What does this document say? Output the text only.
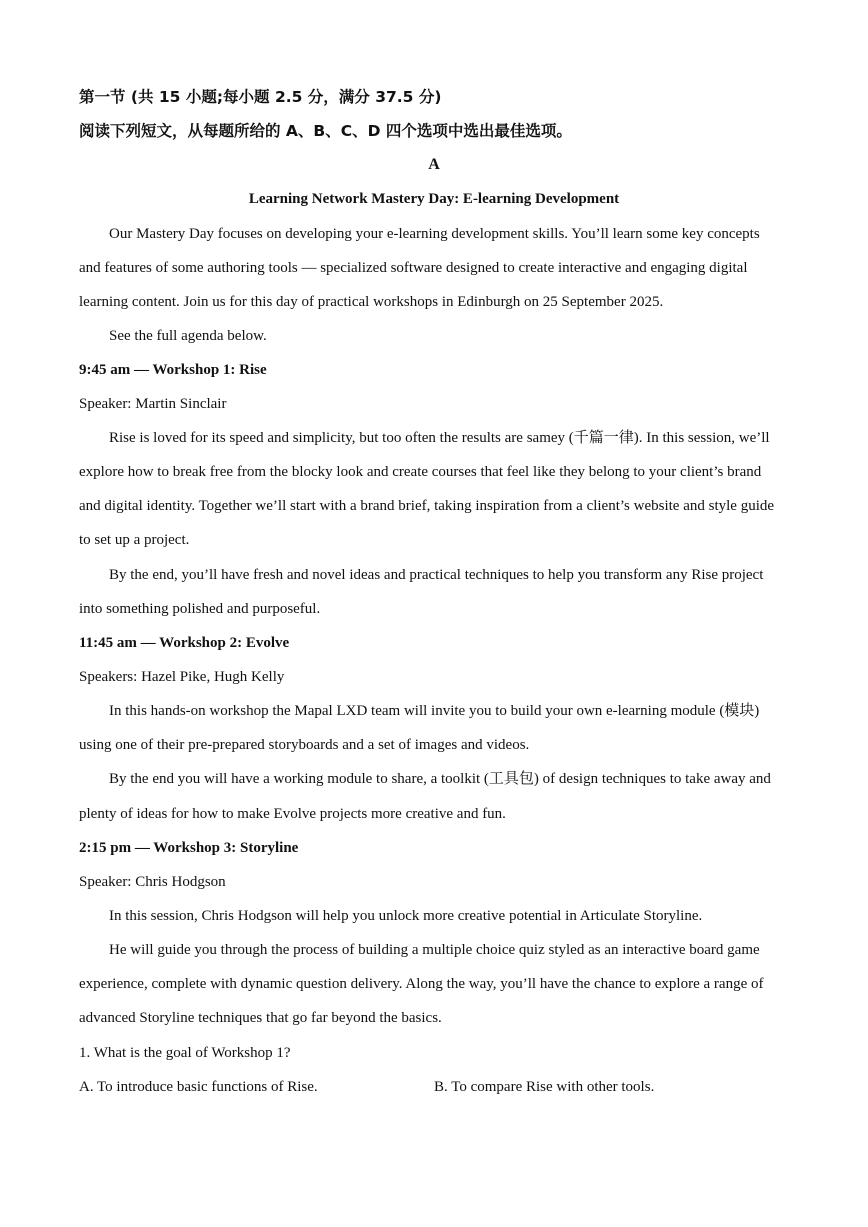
第一节 (共 15 小题;每小题 2.5 分，满分 37.5 分)
阅读下列短文，从每题所给的 A、B、C、D 四个选项中选出最佳选项。
A
Learning Network Mastery Day: E-learning Development
Our Mastery Day focuses on developing your e-learning development skills. You’ll learn some key concepts
and features of some authoring tools — specialized software designed to create interactive and engaging digital
learning content. Join us for this day of practical workshops in Edinburgh on 25 September 2025.
See the full agenda below.
9:45 am — Workshop 1: Rise
Speaker: Martin Sinclair
Rise is loved for its speed and simplicity, but too often the results are samey (千篇一律). In this session, we’ll
explore how to break free from the blocky look and create courses that feel like they belong to your client’s brand
and digital identity. Together we’ll start with a brand brief, taking inspiration from a client’s website and style guide
to set up a project.
By the end, you’ll have fresh and novel ideas and practical techniques to help you transform any Rise project
into something polished and purposeful.
11:45 am — Workshop 2: Evolve
Speakers: Hazel Pike, Hugh Kelly
In this hands-on workshop the Mapal LXD team will invite you to build your own e-learning module (模块)
using one of their pre-prepared storyboards and a set of images and videos.
By the end you will have a working module to share, a toolkit (工具包) of design techniques to take away and
plenty of ideas for how to make Evolve projects more creative and fun.
2:15 pm — Workshop 3: Storyline
Speaker: Chris Hodgson
In this session, Chris Hodgson will help you unlock more creative potential in Articulate Storyline.
He will guide you through the process of building a multiple choice quiz styled as an interactive board game
experience, complete with dynamic question delivery. Along the way, you’ll have the chance to explore a range of
advanced Storyline techniques that go far beyond the basics.
1. What is the goal of Workshop 1?
A. To introduce basic functions of Rise.	B. To compare Rise with other tools.
